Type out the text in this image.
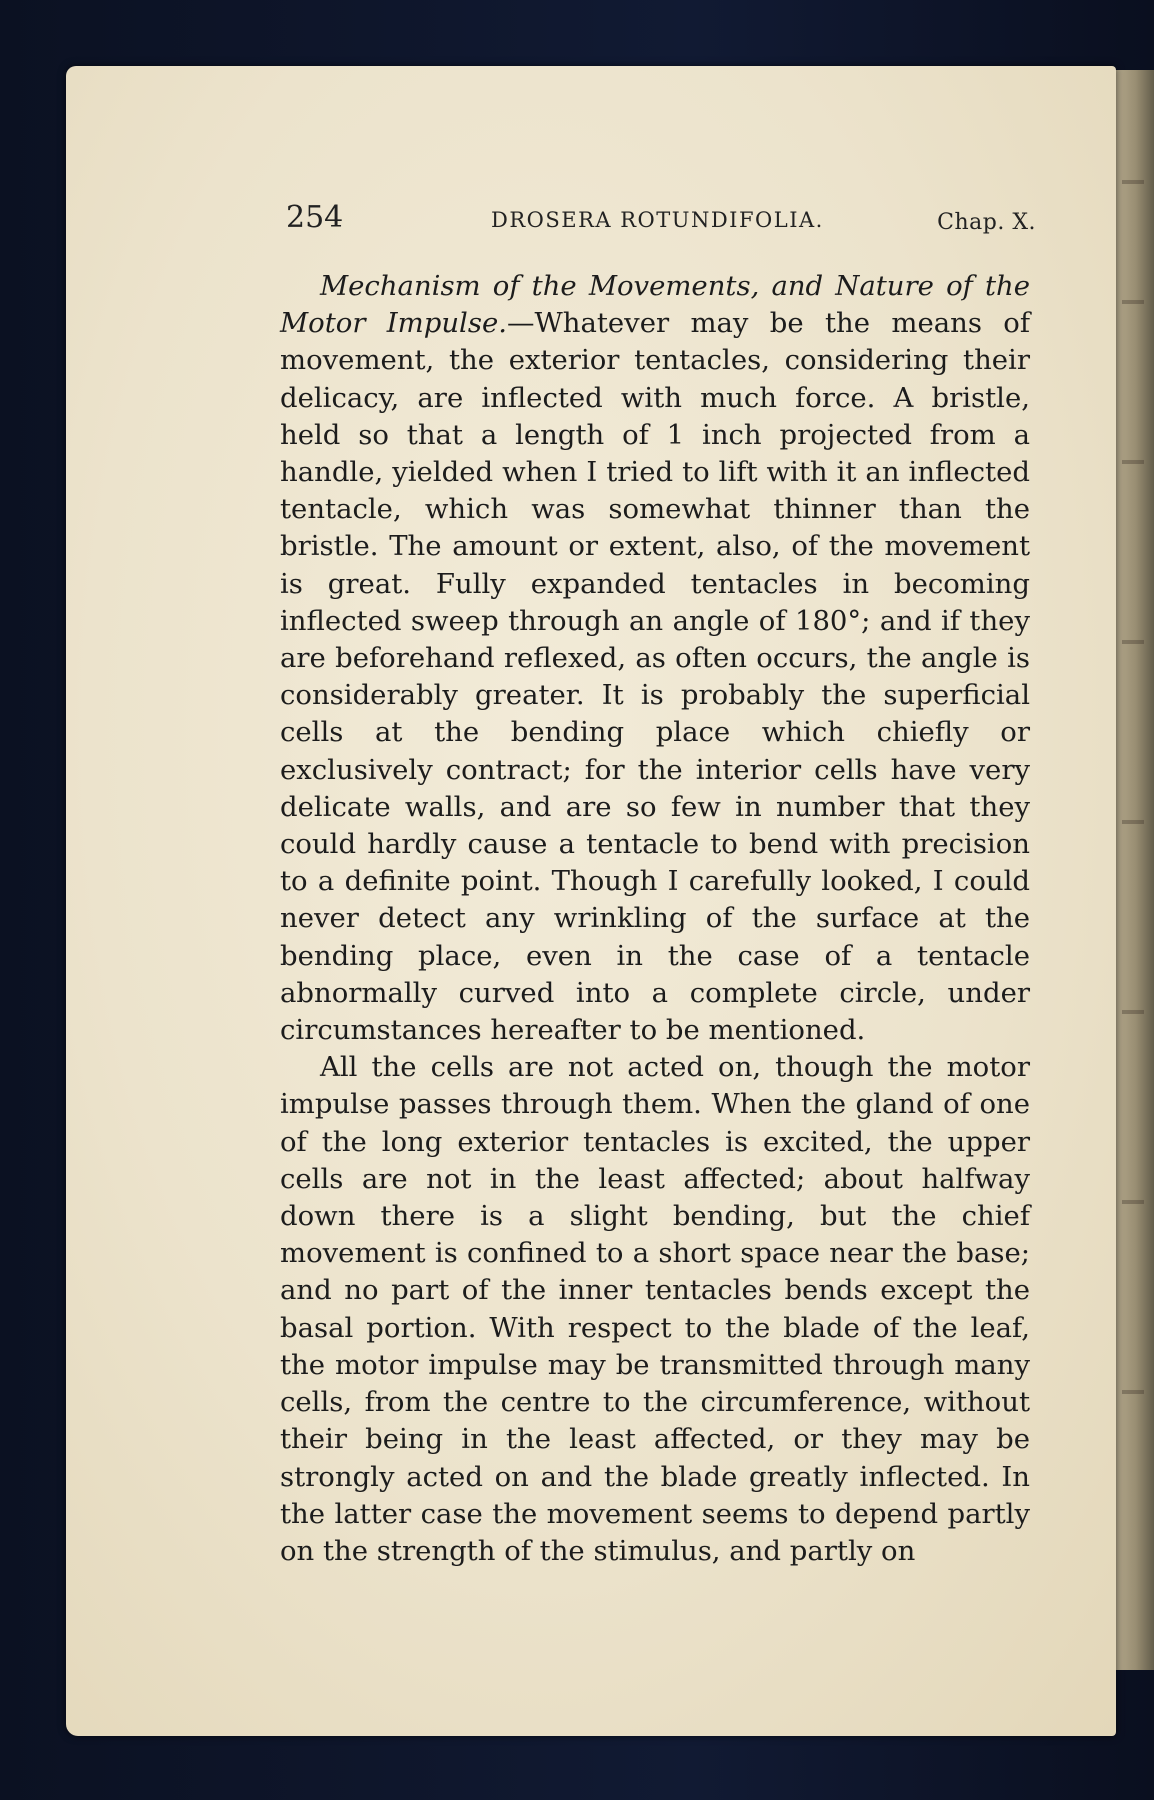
254	DROSERA ROTUNDIFOLIA.	Chap. X.

Mechanism of the Movements, and Nature of the Motor Impulse.—Whatever may be the means of movement, the exterior tentacles, considering their delicacy, are inflected with much force. A bristle, held so that a length of 1 inch projected from a handle, yielded when I tried to lift with it an inflected tentacle, which was somewhat thinner than the bristle. The amount or extent, also, of the movement is great. Fully expanded tentacles in becoming inflected sweep through an angle of 180°; and if they are beforehand reflexed, as often occurs, the angle is considerably greater. It is probably the superficial cells at the bending place which chiefly or exclusively contract; for the interior cells have very delicate walls, and are so few in number that they could hardly cause a tentacle to bend with precision to a definite point. Though I carefully looked, I could never detect any wrinkling of the surface at the bending place, even in the case of a tentacle abnormally curved into a complete circle, under circumstances hereafter to be mentioned.

All the cells are not acted on, though the motor impulse passes through them. When the gland of one of the long exterior tentacles is excited, the upper cells are not in the least affected; about halfway down there is a slight bending, but the chief movement is confined to a short space near the base; and no part of the inner tentacles bends except the basal portion. With respect to the blade of the leaf, the motor impulse may be transmitted through many cells, from the centre to the circumference, without their being in the least affected, or they may be strongly acted on and the blade greatly inflected. In the latter case the movement seems to depend partly on the strength of the stimulus, and partly on
